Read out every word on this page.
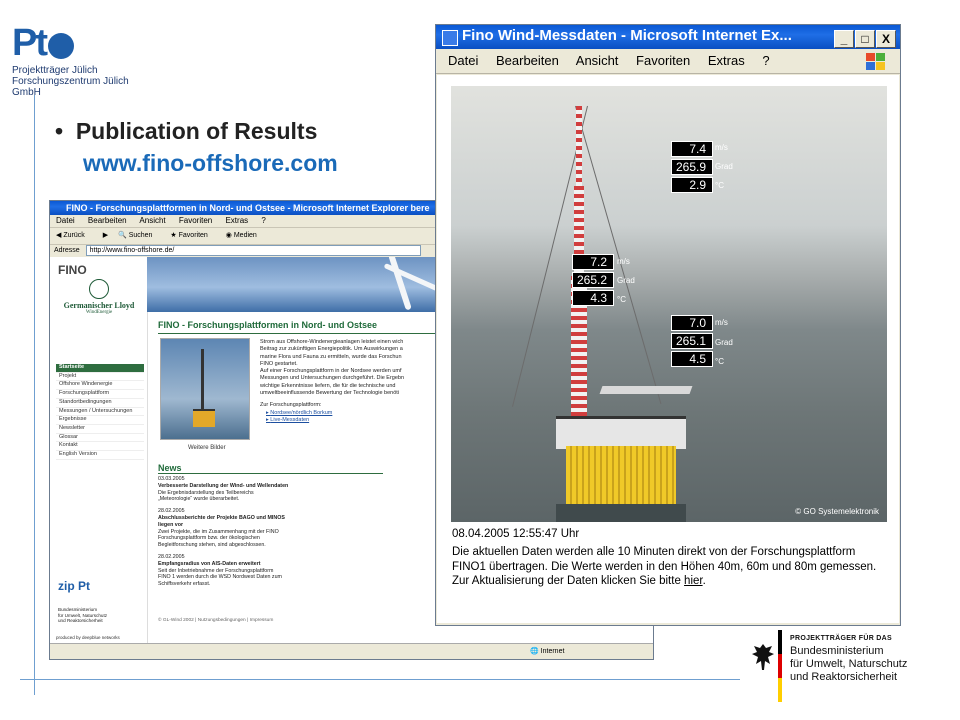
Pt
Projektträger Jülich
Forschungszentrum Jülich GmbH
•  Publication of Results
www.fino-offshore.com
FINO - Forschungsplattformen in Nord- und Ostsee - Microsoft Internet Explorer bere
Datei Bearbeiten Ansicht Favoriten Extras ?
◀ Zurück	▶ 🔍 Suchen	★ Favoriten	◉ Medien
Adresse http://www.fino-offshore.de/
FINO
Germanischer Lloyd
WindEnergie
Startseite
Projekt
Offshore Windenergie
Forschungsplattform
Standortbedingungen
Messungen / Untersuchungen
Ergebnisse
Newsletter
Glossar
Kontakt
English Version
zip Pt
Bundesministerium
für Umwelt, Naturschutz
und Reaktorsicherheit
produced by deepblue networks
FINO - Forschungsplattformen in Nord- und Ostsee
Weitere Bilder
Strom aus Offshore-Windenergieanlagen leistet einen wich
Beitrag zur zukünftigen Energiepolitik. Um Auswirkungen a
marine Flora und Fauna zu ermitteln, wurde das Forschun
FINO gestartet.
Auf einer Forschungsplattform in der Nordsee werden umf
Messungen und Untersuchungen durchgeführt. Die Ergebn
wichtige Erkenntnisse liefern, die für die technische und
umweltbeeinflussende Bewertung der Technologie benöti
Zur Forschungsplattform:
▸ Nordsee/nördlich Borkum
▸ Live-Messdaten
News
03.03.2005
Verbesserte Darstellung der Wind- und Wellendaten
Die Ergebnisdarstellung des Teilbereichs
„Meteorologie“ wurde überarbeitet.
28.02.2005
Abschlussberichte der Projekte BAGO und MINOS
liegen vor
Zwei Projekte, die im Zusammenhang mit der FINO
Forschungsplattform bzw. der ökologischen
Begleitforschung stehen, sind abgeschlossen.
28.02.2005
Empfangsradius von AIS-Daten erweitert
Seit der Inbetriebnahme der Forschungsplattform
FINO 1 werden durch die WSD Nordwest Daten zum
Schiffsverkehr erfasst.
© GL-Wind 2002 | Nutzungsbedingungen | Impressum
🌐 Internet
Fino Wind-Messdaten - Microsoft Internet Ex...	_ □ X
Datei Bearbeiten Ansicht Favoriten Extras ?
7.4	m/s
265.9	Grad
2.9	°C
7.2	m/s
265.2	Grad
4.3	°C
7.0	m/s
265.1	Grad
4.5	°C
© GO Systemelektronik
08.04.2005 12:55:47 Uhr
Die aktuellen Daten werden alle 10 Minuten direkt von der Forschungsplattform FINO1 übertragen. Die Werte werden in den Höhen 40m, 60m und 80m gemessen. Zur Aktualisierung der Daten klicken Sie bitte hier.
PROJEKTTRÄGER FÜR DAS
Bundesministerium
für Umwelt, Naturschutz
und Reaktorsicherheit
